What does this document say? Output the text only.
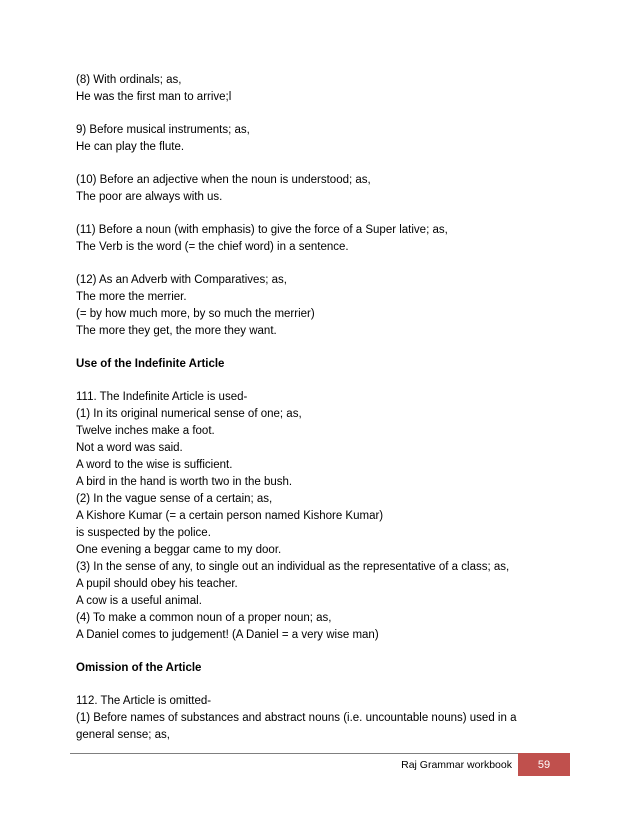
(8) With ordinals; as,
He was the first man to arrive;l
9) Before musical instruments; as,
He can play the flute.
(10) Before an adjective when the noun is understood; as,
The poor are always with us.
(11) Before a noun (with emphasis) to give the force of a Super lative; as,
The Verb is the word (= the chief word) in a sentence.
(12) As an Adverb with Comparatives; as,
The more the merrier.
(= by how much more, by so much the merrier)
The more they get, the more they want.
Use of the Indefinite Article
111. The Indefinite Article is used-
(1) In its original numerical sense of one; as,
Twelve inches make a foot.
Not a word was said.
A word to the wise is sufficient.
A bird in the hand is worth two in the bush.
(2) In the vague sense of a certain; as,
A Kishore Kumar (= a certain person named Kishore Kumar)
is suspected by the police.
One evening a beggar came to my door.
(3) In the sense of any, to single out an individual as the representative of a class; as,
A pupil should obey his teacher.
A cow is a useful animal.
(4) To make a common noun of a proper noun; as,
A Daniel comes to judgement! (A Daniel = a very wise man)
Omission of the Article
112. The Article is omitted-
(1) Before names of substances and abstract nouns (i.e. uncountable nouns) used in a
general sense; as,
Raj Grammar workbook	59
